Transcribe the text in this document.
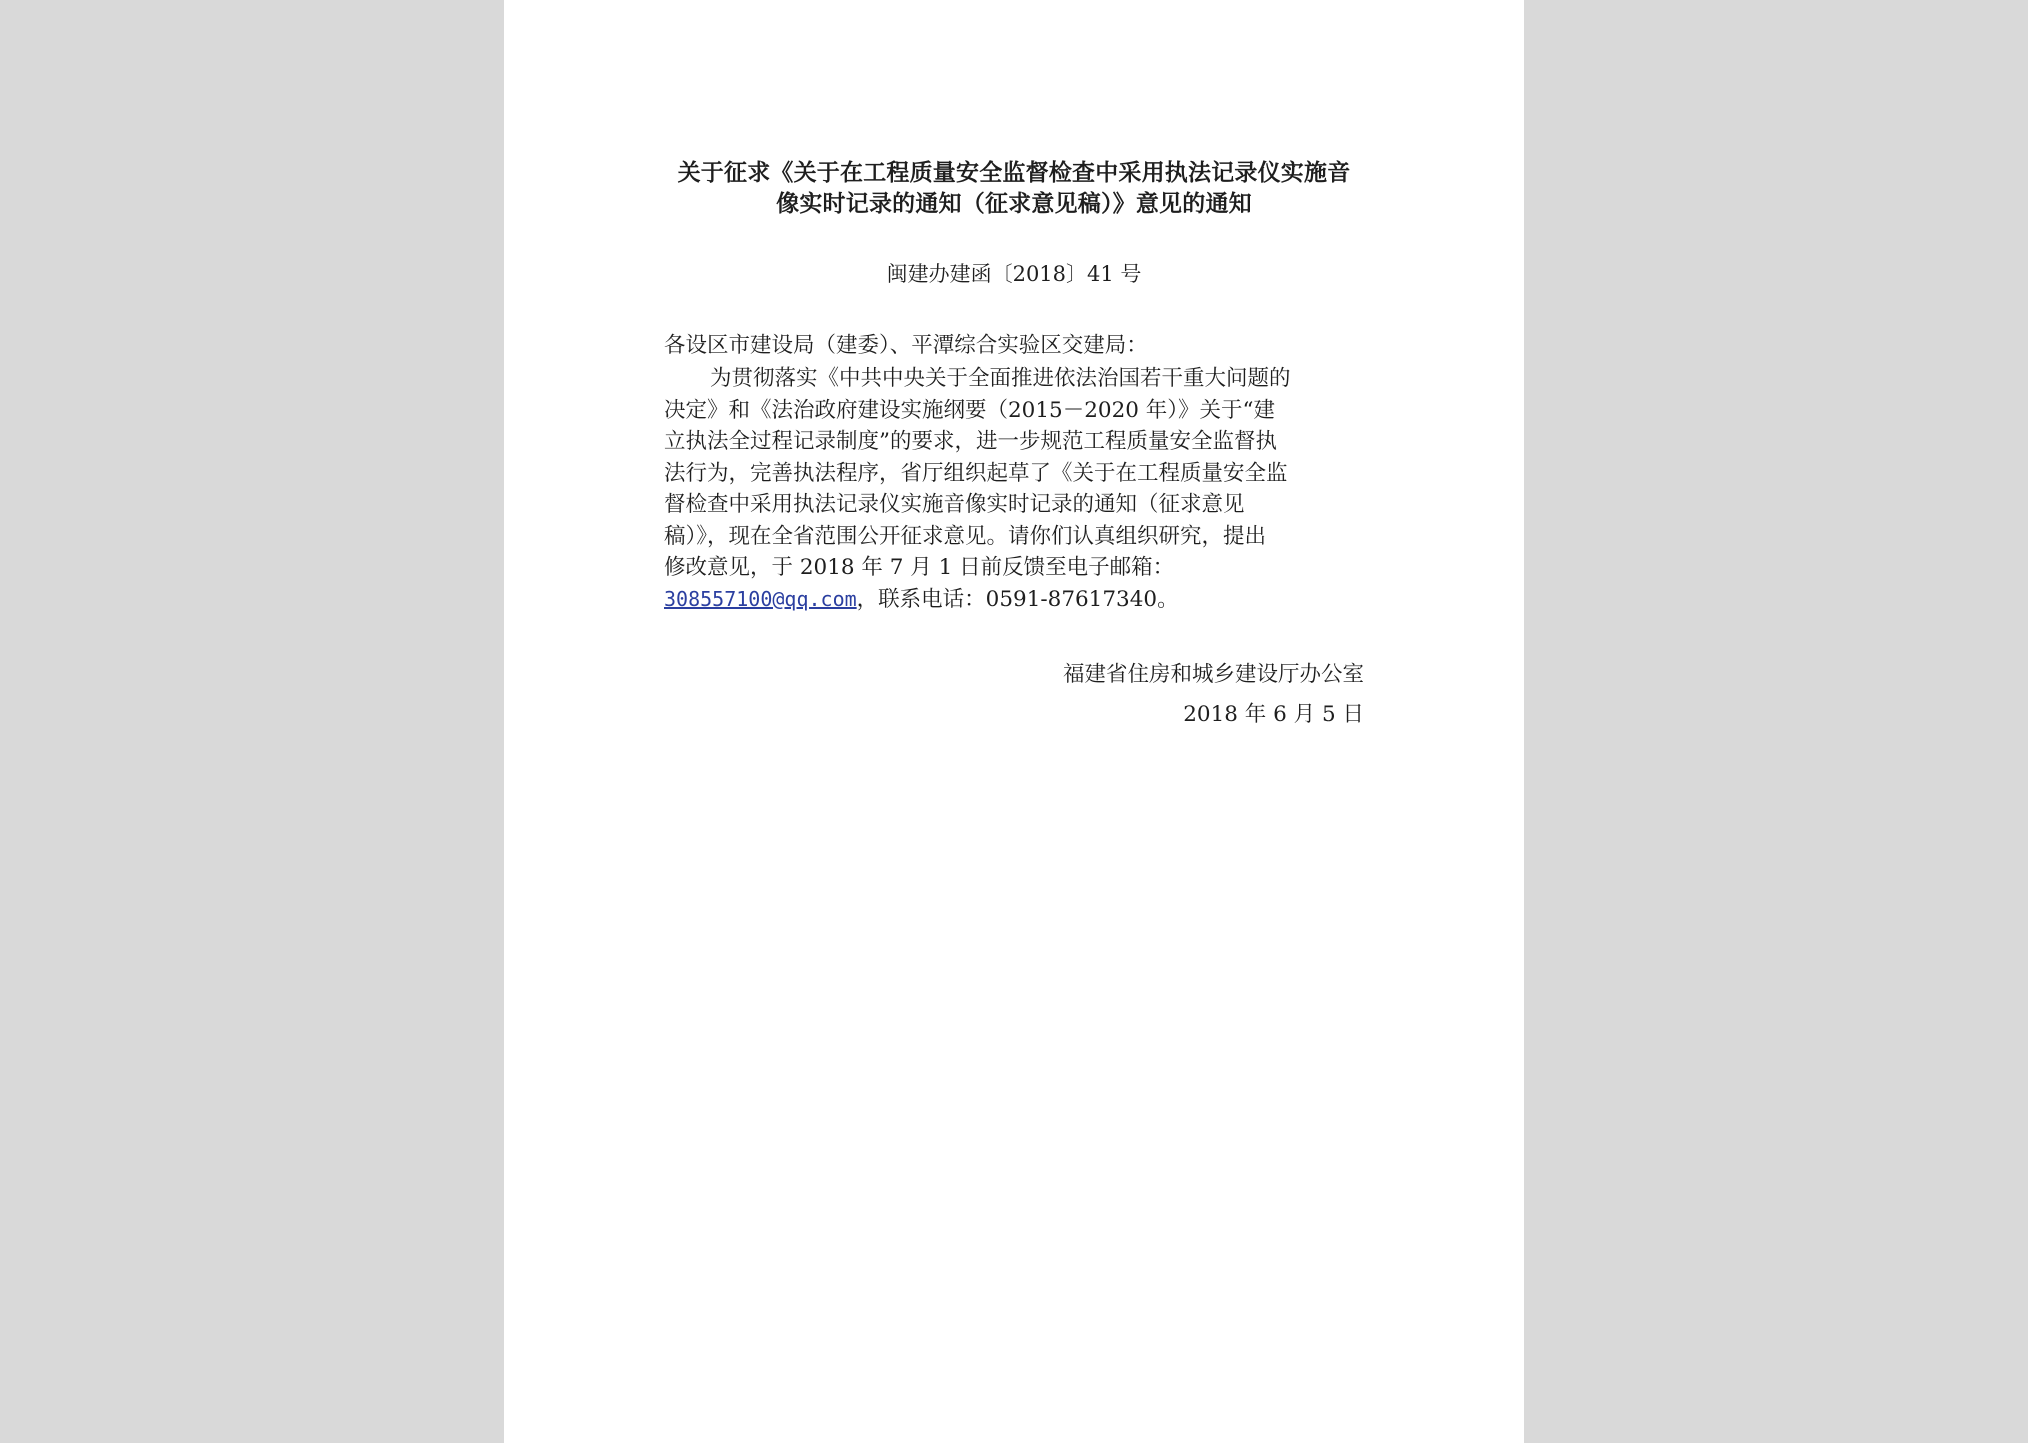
关于征求《关于在工程质量安全监督检查中采用执法记录仪实施音
像实时记录的通知（征求意见稿）》意见的通知
闽建办建函〔2018〕41 号
各设区市建设局（建委）、平潭综合实验区交建局：
为贯彻落实《中共中央关于全面推进依法治国若干重大问题的
决定》和《法治政府建设实施纲要（2015－2020 年）》关于“建
立执法全过程记录制度”的要求，进一步规范工程质量安全监督执
法行为，完善执法程序，省厅组织起草了《关于在工程质量安全监
督检查中采用执法记录仪实施音像实时记录的通知（征求意见
稿）》，现在全省范围公开征求意见。请你们认真组织研究，提出
修改意见，于 2018 年 7 月 1 日前反馈至电子邮箱：
308557100@qq.com，联系电话：0591-87617340。
福建省住房和城乡建设厅办公室
2018 年 6 月 5 日
